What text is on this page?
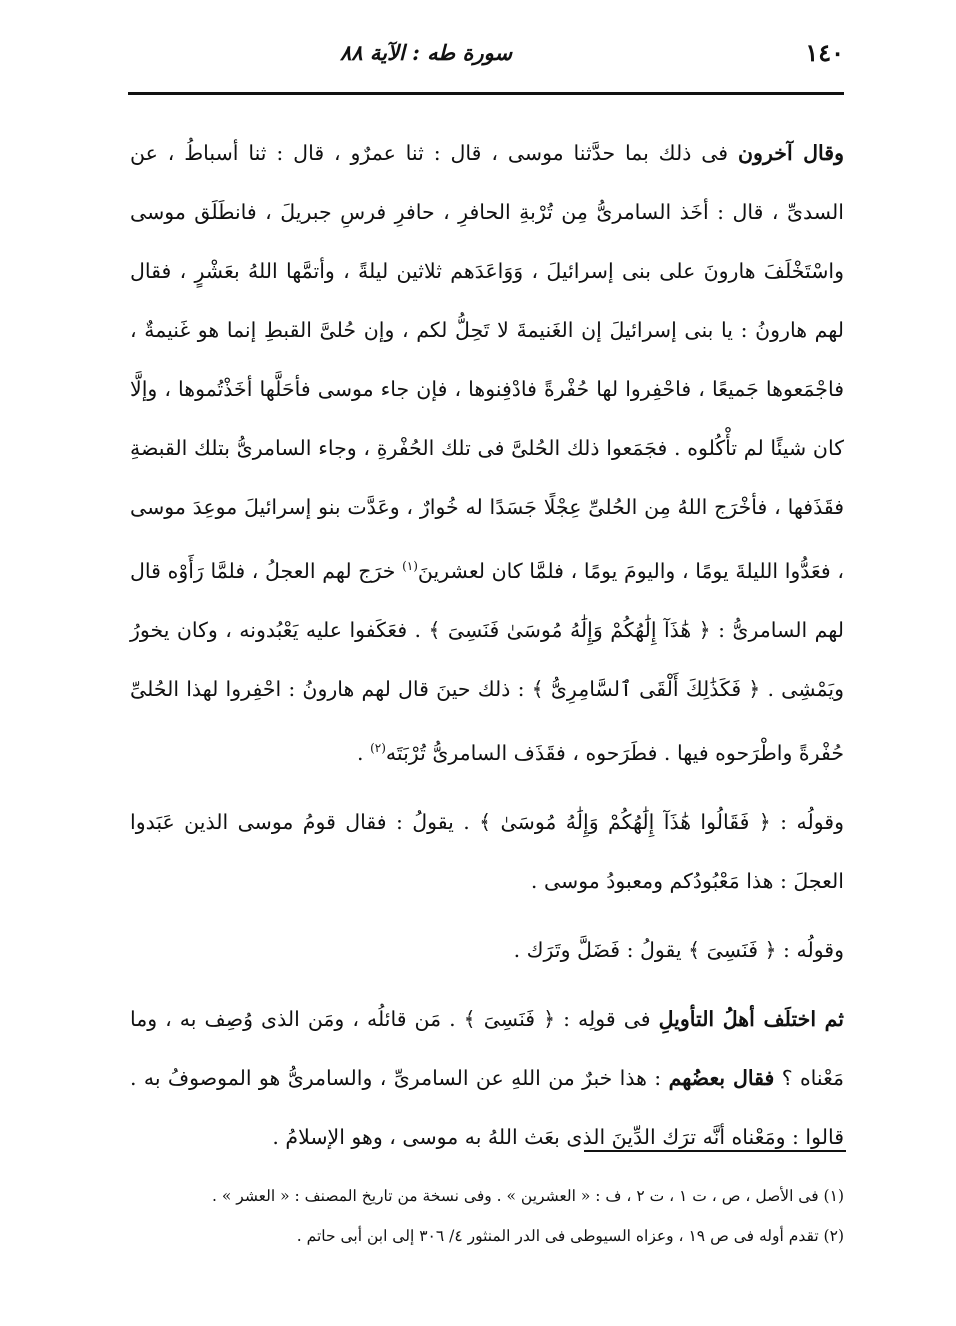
١٤٠
سورة طه : الآية ٨٨

وقال آخرون فى ذلك بما حدَّثنا موسى ، قال : ثنا عمرٌو ، قال : ثنا أسباطُ ، عن السدىِّ ، قال : أخَذ السامرىُّ مِن تُرْبةِ الحافرِ ، حافرِ فرسِ جبريلَ ، فانطَلَق موسى واسْتَخْلَفَ هارونَ على بنى إسرائيلَ ، وَوَاعَدَهم ثلاثين ليلةً ، وأتمَّها اللهُ بعَشْرٍ ، فقال لهم هارونُ : يا بنى إسرائيلَ إن الغَنيمةَ لا تَحِلُّ لكم ، وإن حُلىَّ القبطِ إنما هو غَنيمةٌ ، فاجْمَعوها جَميعًا ، فاحْفِروا لها حُفْرةً فادْفِنوها ، فإن جاء موسى فأحَلَّها أخَذْتُموها ، وإلَّا كان شيئًا لم تأْكُلوه . فجَمَعوا ذلك الحُلىَّ فى تلك الحُفْرةِ ، وجاء السامرىُّ بتلك القبضةِ فقَذَفها ، فأخْرَج اللهُ مِن الحُلىِّ عِجْلًا جَسَدًا له خُوارٌ ، وعَدَّت بنو إسرائيلَ موعِدَ موسى ، فعَدُّوا الليلةَ يومًا ، واليومَ يومًا ، فلمَّا كان لعشرينَ$^{(١)}$ خرَج لهم العجلُ ، فلمَّا رَأَوْه قال لهم السامرىُّ : ﴿ هَٰذَآ إِلَٰهُكُمْ وَإِلَٰهُ مُوسَىٰ فَنَسِىَ ﴾ . فعَكَفوا عليه يَعْبُدونه ، وكان يخورُ ويَمْشِى . ﴿ فَكَذَٰلِكَ أَلْقَى ٱلسَّامِرِىُّ ﴾ : ذلك حينَ قال لهم هارونُ : احْفِروا لهذا الحُلىِّ حُفْرةً واطْرَحوه فيها . فطَرَحوه ، فقَذَف السامرىُّ تُرْبَتَه$^{(٢)}$ .

وقولُه : ﴿ فَقَالُوا هَٰذَآ إِلَٰهُكُمْ وَإِلَٰهُ مُوسَىٰ ﴾ . يقولُ : فقال قومُ موسى الذين عَبَدوا العجلَ : هذا مَعْبُودُكم ومعبودُ موسى .

وقولُه : ﴿ فَنَسِىَ ﴾ يقولُ : فَضَلَّ وتَرَك .

ثم اختلَف أهلُ التأويلِ فى قولِه : ﴿ فَنَسِىَ ﴾ . مَن قائلُه ، ومَن الذى وُصِف به ، وما مَعْناه ؟ فقال بعضُهم : هذا خبرٌ من اللهِ عن السامرىِّ ، والسامرىُّ هو الموصوفُ به . قالوا : ومَعْناه أنَّه ترَك الدِّينَ الذى بعَث اللهُ به موسى ، وهو الإسلامُ .

(١) فى الأصل ، ص ، ت ١ ، ت ٢ ، ف : « العشرين » . وفى نسخة من تاريخ المصنف : « العشر » .

(٢) تقدم أوله فى ص ١٩ ، وعزاه السيوطى فى الدر المنثور ٤/ ٣٠٦ إلى ابن أبى حاتم .
